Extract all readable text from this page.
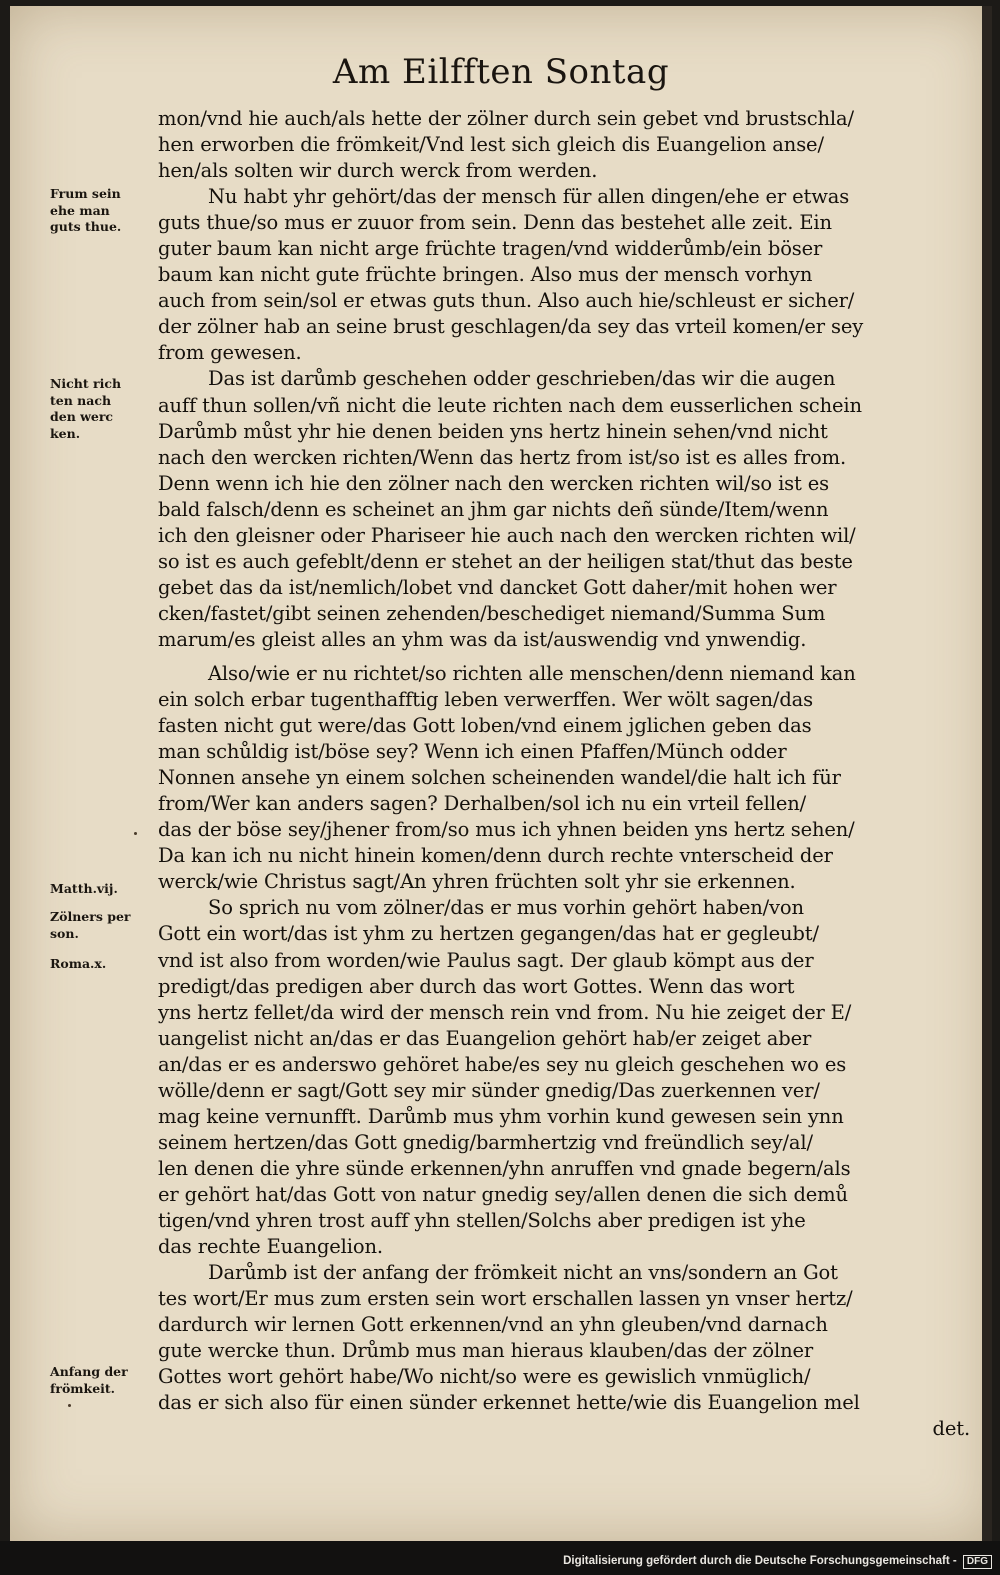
Am Eilfften Sontag
Frum sein
ehe man
guts thue.
Nicht rich
ten nach
den werc
ken.
Matth.vij.
Zölners per
son.
Roma.x.
Anfang der
frömkeit.
mon/vnd hie auch/als hette der zölner durch sein gebet vnd brustschla/
hen erworben die frömkeit/Vnd lest sich gleich dis Euangelion anse/
hen/als solten wir durch werck from werden.
Nu habt yhr gehört/das der mensch für allen dingen/ehe er etwas
guts thue/so mus er zuuor from sein. Denn das bestehet alle zeit. Ein
guter baum kan nicht arge früchte tragen/vnd widderůmb/ein böser
baum kan nicht gute früchte bringen. Also mus der mensch vorhyn
auch from sein/sol er etwas guts thun. Also auch hie/schleust er sicher/
der zölner hab an seine brust geschlagen/da sey das vrteil komen/er sey
from gewesen.
Das ist darůmb geschehen odder geschrieben/das wir die augen
auff thun sollen/vñ nicht die leute richten nach dem eusserlichen schein
Darůmb můst yhr hie denen beiden yns hertz hinein sehen/vnd nicht
nach den wercken richten/Wenn das hertz from ist/so ist es alles from.
Denn wenn ich hie den zölner nach den wercken richten wil/so ist es
bald falsch/denn es scheinet an jhm gar nichts deñ sünde/Item/wenn
ich den gleisner oder Phariseer hie auch nach den wercken richten wil/
so ist es auch gefeblt/denn er stehet an der heiligen stat/thut das beste
gebet das da ist/nemlich/lobet vnd dancket Gott daher/mit hohen wer
cken/fastet/gibt seinen zehenden/beschediget niemand/Summa Sum
marum/es gleist alles an yhm was da ist/auswendig vnd ynwendig.
Also/wie er nu richtet/so richten alle menschen/denn niemand kan
ein solch erbar tugenthafftig leben verwerffen. Wer wölt sagen/das
fasten nicht gut were/das Gott loben/vnd einem jglichen geben das
man schůldig ist/böse sey? Wenn ich einen Pfaffen/Münch odder
Nonnen ansehe yn einem solchen scheinenden wandel/die halt ich für
from/Wer kan anders sagen? Derhalben/sol ich nu ein vrteil fellen/
das der böse sey/jhener from/so mus ich yhnen beiden yns hertz sehen/
Da kan ich nu nicht hinein komen/denn durch rechte vnterscheid der
werck/wie Christus sagt/An yhren früchten solt yhr sie erkennen.
So sprich nu vom zölner/das er mus vorhin gehört haben/von
Gott ein wort/das ist yhm zu hertzen gegangen/das hat er gegleubt/
vnd ist also from worden/wie Paulus sagt. Der glaub kömpt aus der
predigt/das predigen aber durch das wort Gottes. Wenn das wort
yns hertz fellet/da wird der mensch rein vnd from. Nu hie zeiget der E/
uangelist nicht an/das er das Euangelion gehört hab/er zeiget aber
an/das er es anderswo gehöret habe/es sey nu gleich geschehen wo es
wölle/denn er sagt/Gott sey mir sünder gnedig/Das zuerkennen ver/
mag keine vernunfft. Darůmb mus yhm vorhin kund gewesen sein ynn
seinem hertzen/das Gott gnedig/barmhertzig vnd freündlich sey/al/
len denen die yhre sünde erkennen/yhn anruffen vnd gnade begern/als
er gehört hat/das Gott von natur gnedig sey/allen denen die sich demů
tigen/vnd yhren trost auff yhn stellen/Solchs aber predigen ist yhe
das rechte Euangelion.
Darůmb ist der anfang der frömkeit nicht an vns/sondern an Got
tes wort/Er mus zum ersten sein wort erschallen lassen yn vnser hertz/
dardurch wir lernen Gott erkennen/vnd an yhn gleuben/vnd darnach
gute wercke thun. Drůmb mus man hieraus klauben/das der zölner
Gottes wort gehört habe/Wo nicht/so were es gewislich vnmüglich/
das er sich also für einen sünder erkennet hette/wie dis Euangelion mel
det.
Digitalisierung gefördert durch die Deutsche Forschungsgemeinschaft - DFG
